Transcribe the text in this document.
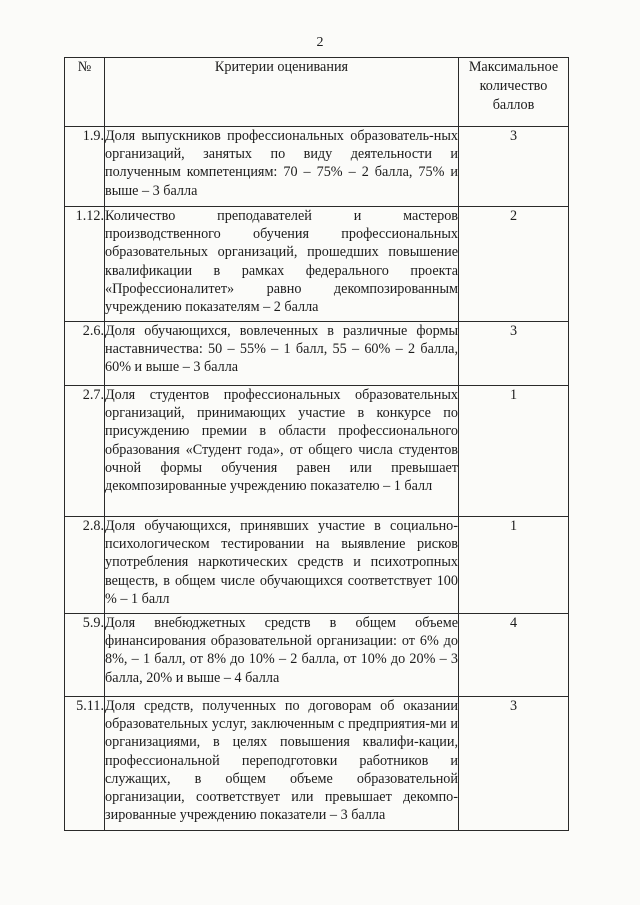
2
№	Критерии оценивания	Максимальное количество баллов
1.9.	Доля выпускников профессиональных образователь-ных организаций, занятых по виду деятельности и полученным компетенциям: 70 – 75% – 2 балла, 75% и выше – 3 балла	3
1.12.	Количество преподавателей и мастеров производственного обучения профессиональных образовательных организаций, прошедших повышение квалификации в рамках федерального проекта «Профессионалитет» равно декомпозированным учреждению показателям – 2 балла	2
2.6.	Доля обучающихся, вовлеченных в различные формы наставничества: 50 – 55% – 1 балл, 55 – 60% – 2 балла, 60% и выше – 3 балла	3
2.7.	Доля студентов профессиональных образовательных организаций, принимающих участие в конкурсе по присуждению премии в области профессионального образования «Студент года», от общего числа студентов очной формы обучения равен или превышает декомпозированные учреждению показателю – 1 балл	1
2.8.	Доля обучающихся, принявших участие в социально-психологическом тестировании на выявление рисков употребления наркотических средств и психотропных веществ, в общем числе обучающихся соответствует 100 % – 1 балл	1
5.9.	Доля внебюджетных средств в общем объеме финансирования образовательной организации: от 6% до 8%, – 1 балл, от 8% до 10% – 2 балла, от 10% до 20% – 3 балла, 20% и выше – 4 балла	4
5.11.	Доля средств, полученных по договорам об оказании образовательных услуг, заключенным с предприятия-ми и организациями, в целях повышения квалифи-кации, профессиональной переподготовки работников и служащих, в общем объеме образовательной организации, соответствует или превышает декомпо-зированные учреждению показатели – 3 балла	3
